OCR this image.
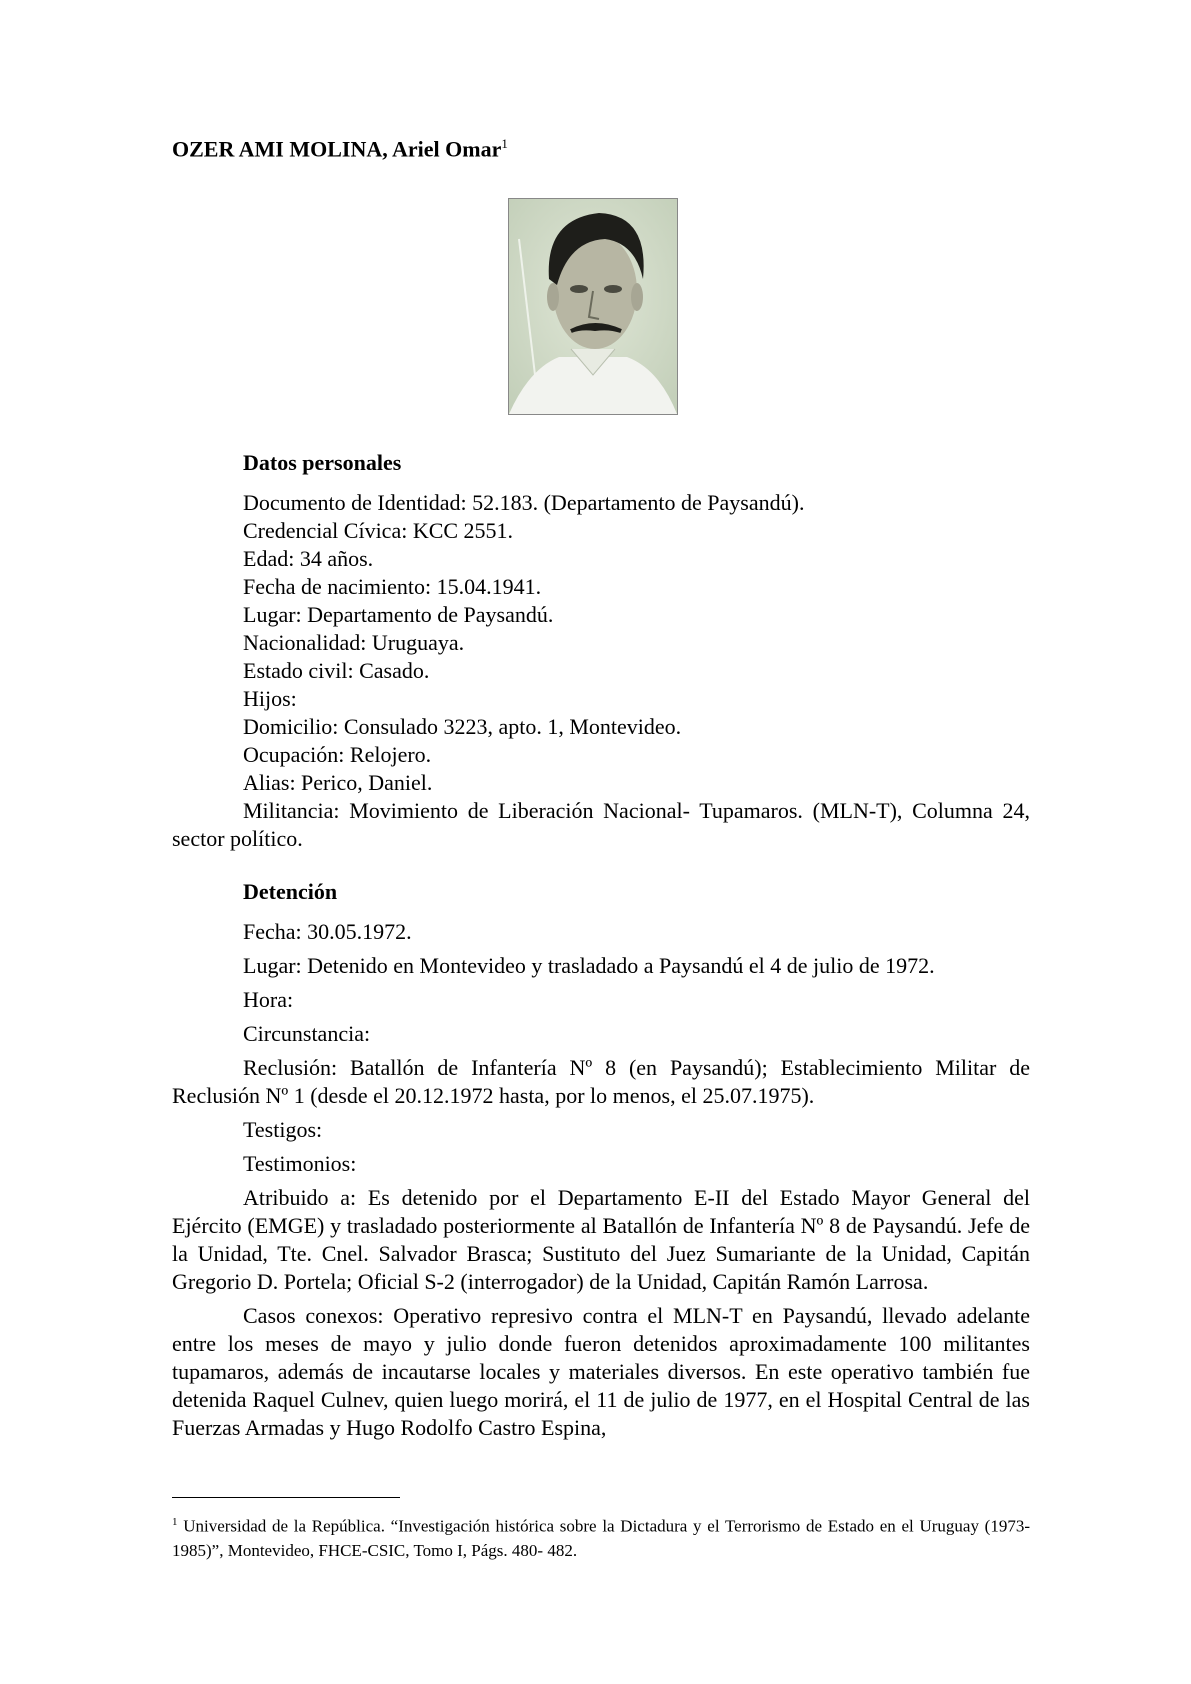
OZER AMI MOLINA, Ariel Omar$^1$
Datos personales
Documento de Identidad: 52.183. (Departamento de Paysandú).
Credencial Cívica: KCC 2551.
Edad: 34 años.
Fecha de nacimiento: 15.04.1941.
Lugar: Departamento de Paysandú.
Nacionalidad: Uruguaya.
Estado civil: Casado.
Hijos:
Domicilio: Consulado 3223, apto. 1, Montevideo.
Ocupación: Relojero.
Alias: Perico, Daniel.
Militancia: Movimiento de Liberación Nacional- Tupamaros. (MLN-T), Columna 24, sector político.
Detención
Fecha: 30.05.1972.
Lugar: Detenido en Montevideo y trasladado a Paysandú el 4 de julio de 1972.
Hora:
Circunstancia:
Reclusión: Batallón de Infantería Nº 8 (en Paysandú); Establecimiento Militar de Reclusión Nº 1 (desde el 20.12.1972 hasta, por lo menos, el 25.07.1975).
Testigos:
Testimonios:
Atribuido a: Es detenido por el Departamento E-II del Estado Mayor General del Ejército (EMGE) y trasladado posteriormente al Batallón de Infantería Nº 8 de Paysandú. Jefe de la Unidad, Tte. Cnel. Salvador Brasca; Sustituto del Juez Sumariante de la Unidad, Capitán Gregorio D. Portela; Oficial S-2 (interrogador) de la Unidad, Capitán Ramón Larrosa.
Casos conexos: Operativo represivo contra el MLN-T en Paysandú, llevado adelante entre los meses de mayo y julio donde fueron detenidos aproximadamente 100 militantes tupamaros, además de incautarse locales y materiales diversos. En este operativo también fue detenida Raquel Culnev, quien luego morirá, el 11 de julio de 1977, en el Hospital Central de las Fuerzas Armadas y Hugo Rodolfo Castro Espina,
$^1$ Universidad de la República. “Investigación histórica sobre la Dictadura y el Terrorismo de Estado en el Uruguay (1973-1985)”, Montevideo, FHCE-CSIC, Tomo I, Págs. 480- 482.
